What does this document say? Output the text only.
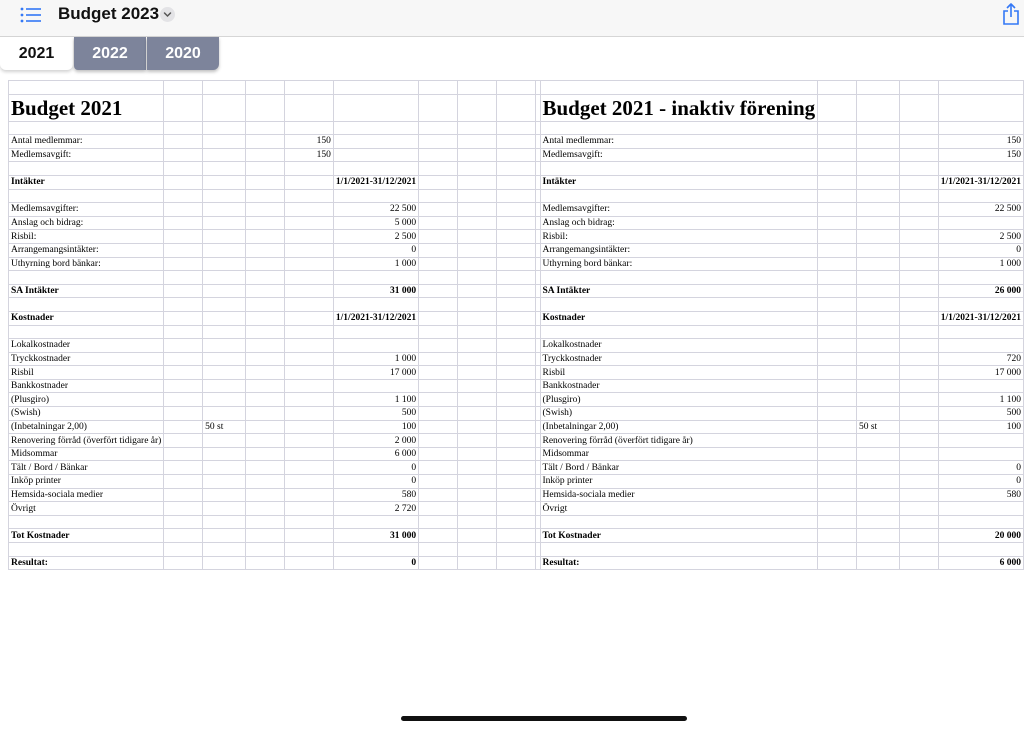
Budget 2023
2021	2022	2020

Budget 2021										Budget 2021 - inaktiv förening				

Antal medlemmar:				150						Antal medlemmar:				150
Medlemsavgift:				150						Medlemsavgift:				150

Intäkter					1/1/2021-31/12/2021					Intäkter				1/1/2021-31/12/2021

Medlemsavgifter:					22 500					Medlemsavgifter:				22 500
Anslag och bidrag:					5 000					Anslag och bidrag:				
Risbil:					2 500					Risbil:				2 500
Arrangemangsintäkter:					0					Arrangemangsintäkter:				0
Uthyrning bord bänkar:					1 000					Uthyrning bord bänkar:				1 000

SA Intäkter					31 000					SA Intäkter				26 000

Kostnader					1/1/2021-31/12/2021					Kostnader				1/1/2021-31/12/2021

Lokalkostnader										Lokalkostnader				
Tryckkostnader					1 000					Tryckkostnader				720
Risbil					17 000					Risbil				17 000
Bankkostnader										Bankkostnader				
(Plusgiro)					1 100					(Plusgiro)				1 100
(Swish)					500					(Swish)				500
(Inbetalningar 2,00)		50 st			100					(Inbetalningar 2,00)		50 st		100
Renovering förråd (överfört tidigare år)					2 000					Renovering förråd (överfört tidigare år)				
Midsommar					6 000					Midsommar				
Tält / Bord / Bänkar					0					Tält / Bord / Bänkar				0
Inköp printer					0					Inköp printer				0
Hemsida-sociala medier					580					Hemsida-sociala medier				580
Övrigt					2 720					Övrigt				

Tot Kostnader					31 000					Tot Kostnader				20 000

Resultat:					0					Resultat:				6 000
